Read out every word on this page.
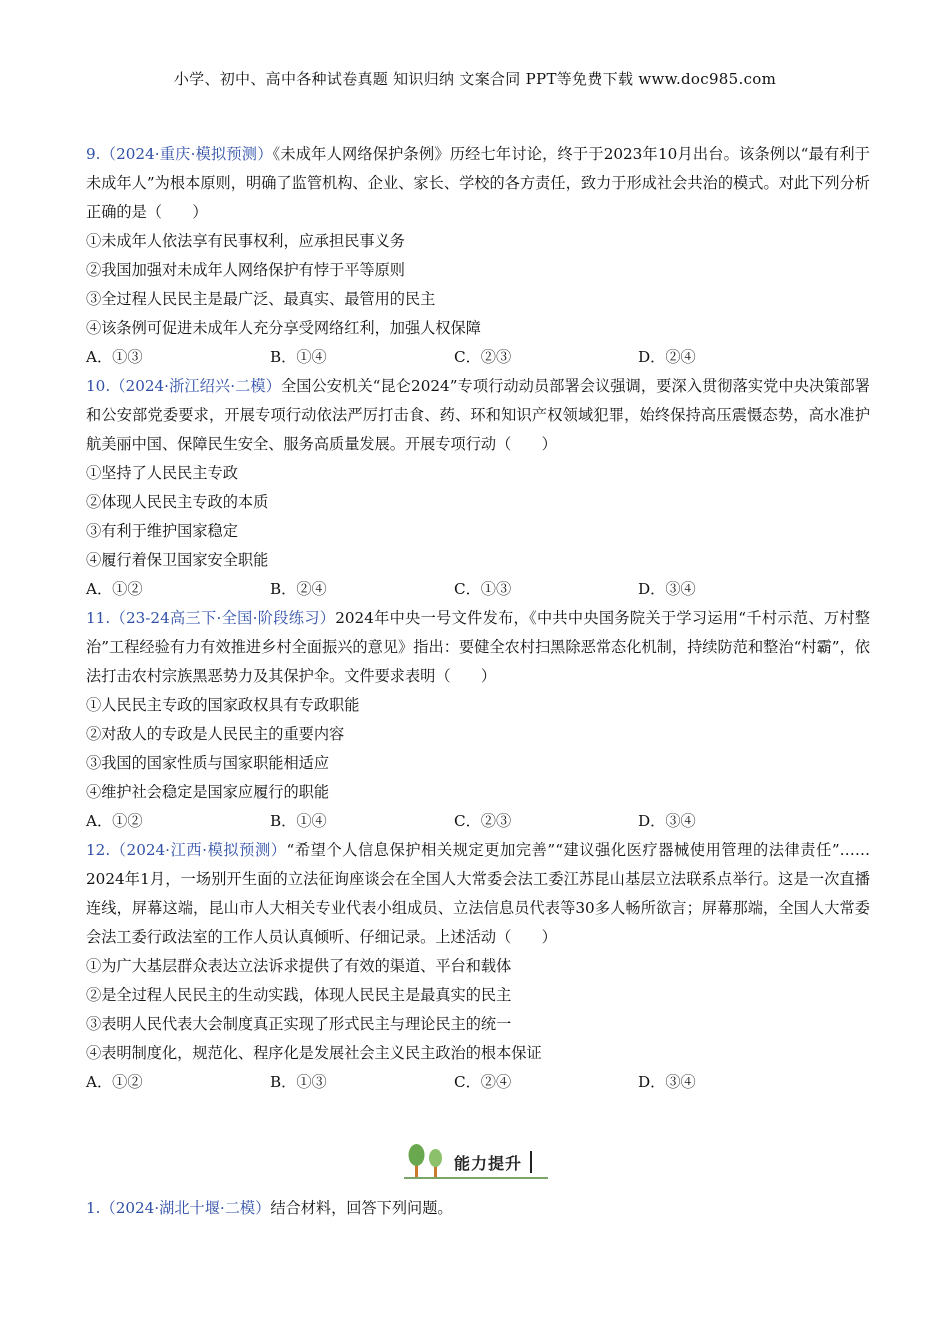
小学、初中、高中各种试卷真题 知识归纳 文案合同 PPT等免费下载 www.doc985.com

9.（2024·重庆·模拟预测）《未成年人网络保护条例》历经七年讨论，终于于2023年10月出台。该条例以“最有利于未成年人”为根本原则，明确了监管机构、企业、家长、学校的各方责任，致力于形成社会共治的模式。对此下列分析正确的是（　　）

①未成年人依法享有民事权利，应承担民事义务

②我国加强对未成年人网络保护有悖于平等原则

③全过程人民民主是最广泛、最真实、最管用的民主

④该条例可促进未成年人充分享受网络红利，加强人权保障

A．①③	B．①④	C．②③	D．②④

10.（2024·浙江绍兴·二模）全国公安机关“昆仑2024”专项行动动员部署会议强调，要深入贯彻落实党中央决策部署和公安部党委要求，开展专项行动依法严厉打击食、药、环和知识产权领域犯罪，始终保持高压震慑态势，高水准护航美丽中国、保障民生安全、服务高质量发展。开展专项行动（　　）

①坚持了人民民主专政

②体现人民民主专政的本质

③有利于维护国家稳定

④履行着保卫国家安全职能

A．①②	B．②④	C．①③	D．③④

11.（23-24高三下·全国·阶段练习）2024年中央一号文件发布，《中共中央国务院关于学习运用“千村示范、万村整治”工程经验有力有效推进乡村全面振兴的意见》指出：要健全农村扫黑除恶常态化机制，持续防范和整治“村霸”，依法打击农村宗族黑恶势力及其保护伞。文件要求表明（　　）

①人民民主专政的国家政权具有专政职能

②对敌人的专政是人民民主的重要内容

③我国的国家性质与国家职能相适应

④维护社会稳定是国家应履行的职能

A．①②	B．①④	C．②③	D．③④

12.（2024·江西·模拟预测）“希望个人信息保护相关规定更加完善”“建议强化医疗器械使用管理的法律责任”……2024年1月，一场别开生面的立法征询座谈会在全国人大常委会法工委江苏昆山基层立法联系点举行。这是一次直播连线，屏幕这端，昆山市人大相关专业代表小组成员、立法信息员代表等30多人畅所欲言；屏幕那端，全国人大常委会法工委行政法室的工作人员认真倾听、仔细记录。上述活动（　　）

①为广大基层群众表达立法诉求提供了有效的渠道、平台和载体

②是全过程人民民主的生动实践，体现人民民主是最真实的民主

③表明人民代表大会制度真正实现了形式民主与理论民主的统一

④表明制度化，规范化、程序化是发展社会主义民主政治的根本保证

A．①②	B．①③	C．②④	D．③④
能力提升

1.（2024·湖北十堰·二模）结合材料，回答下列问题。
